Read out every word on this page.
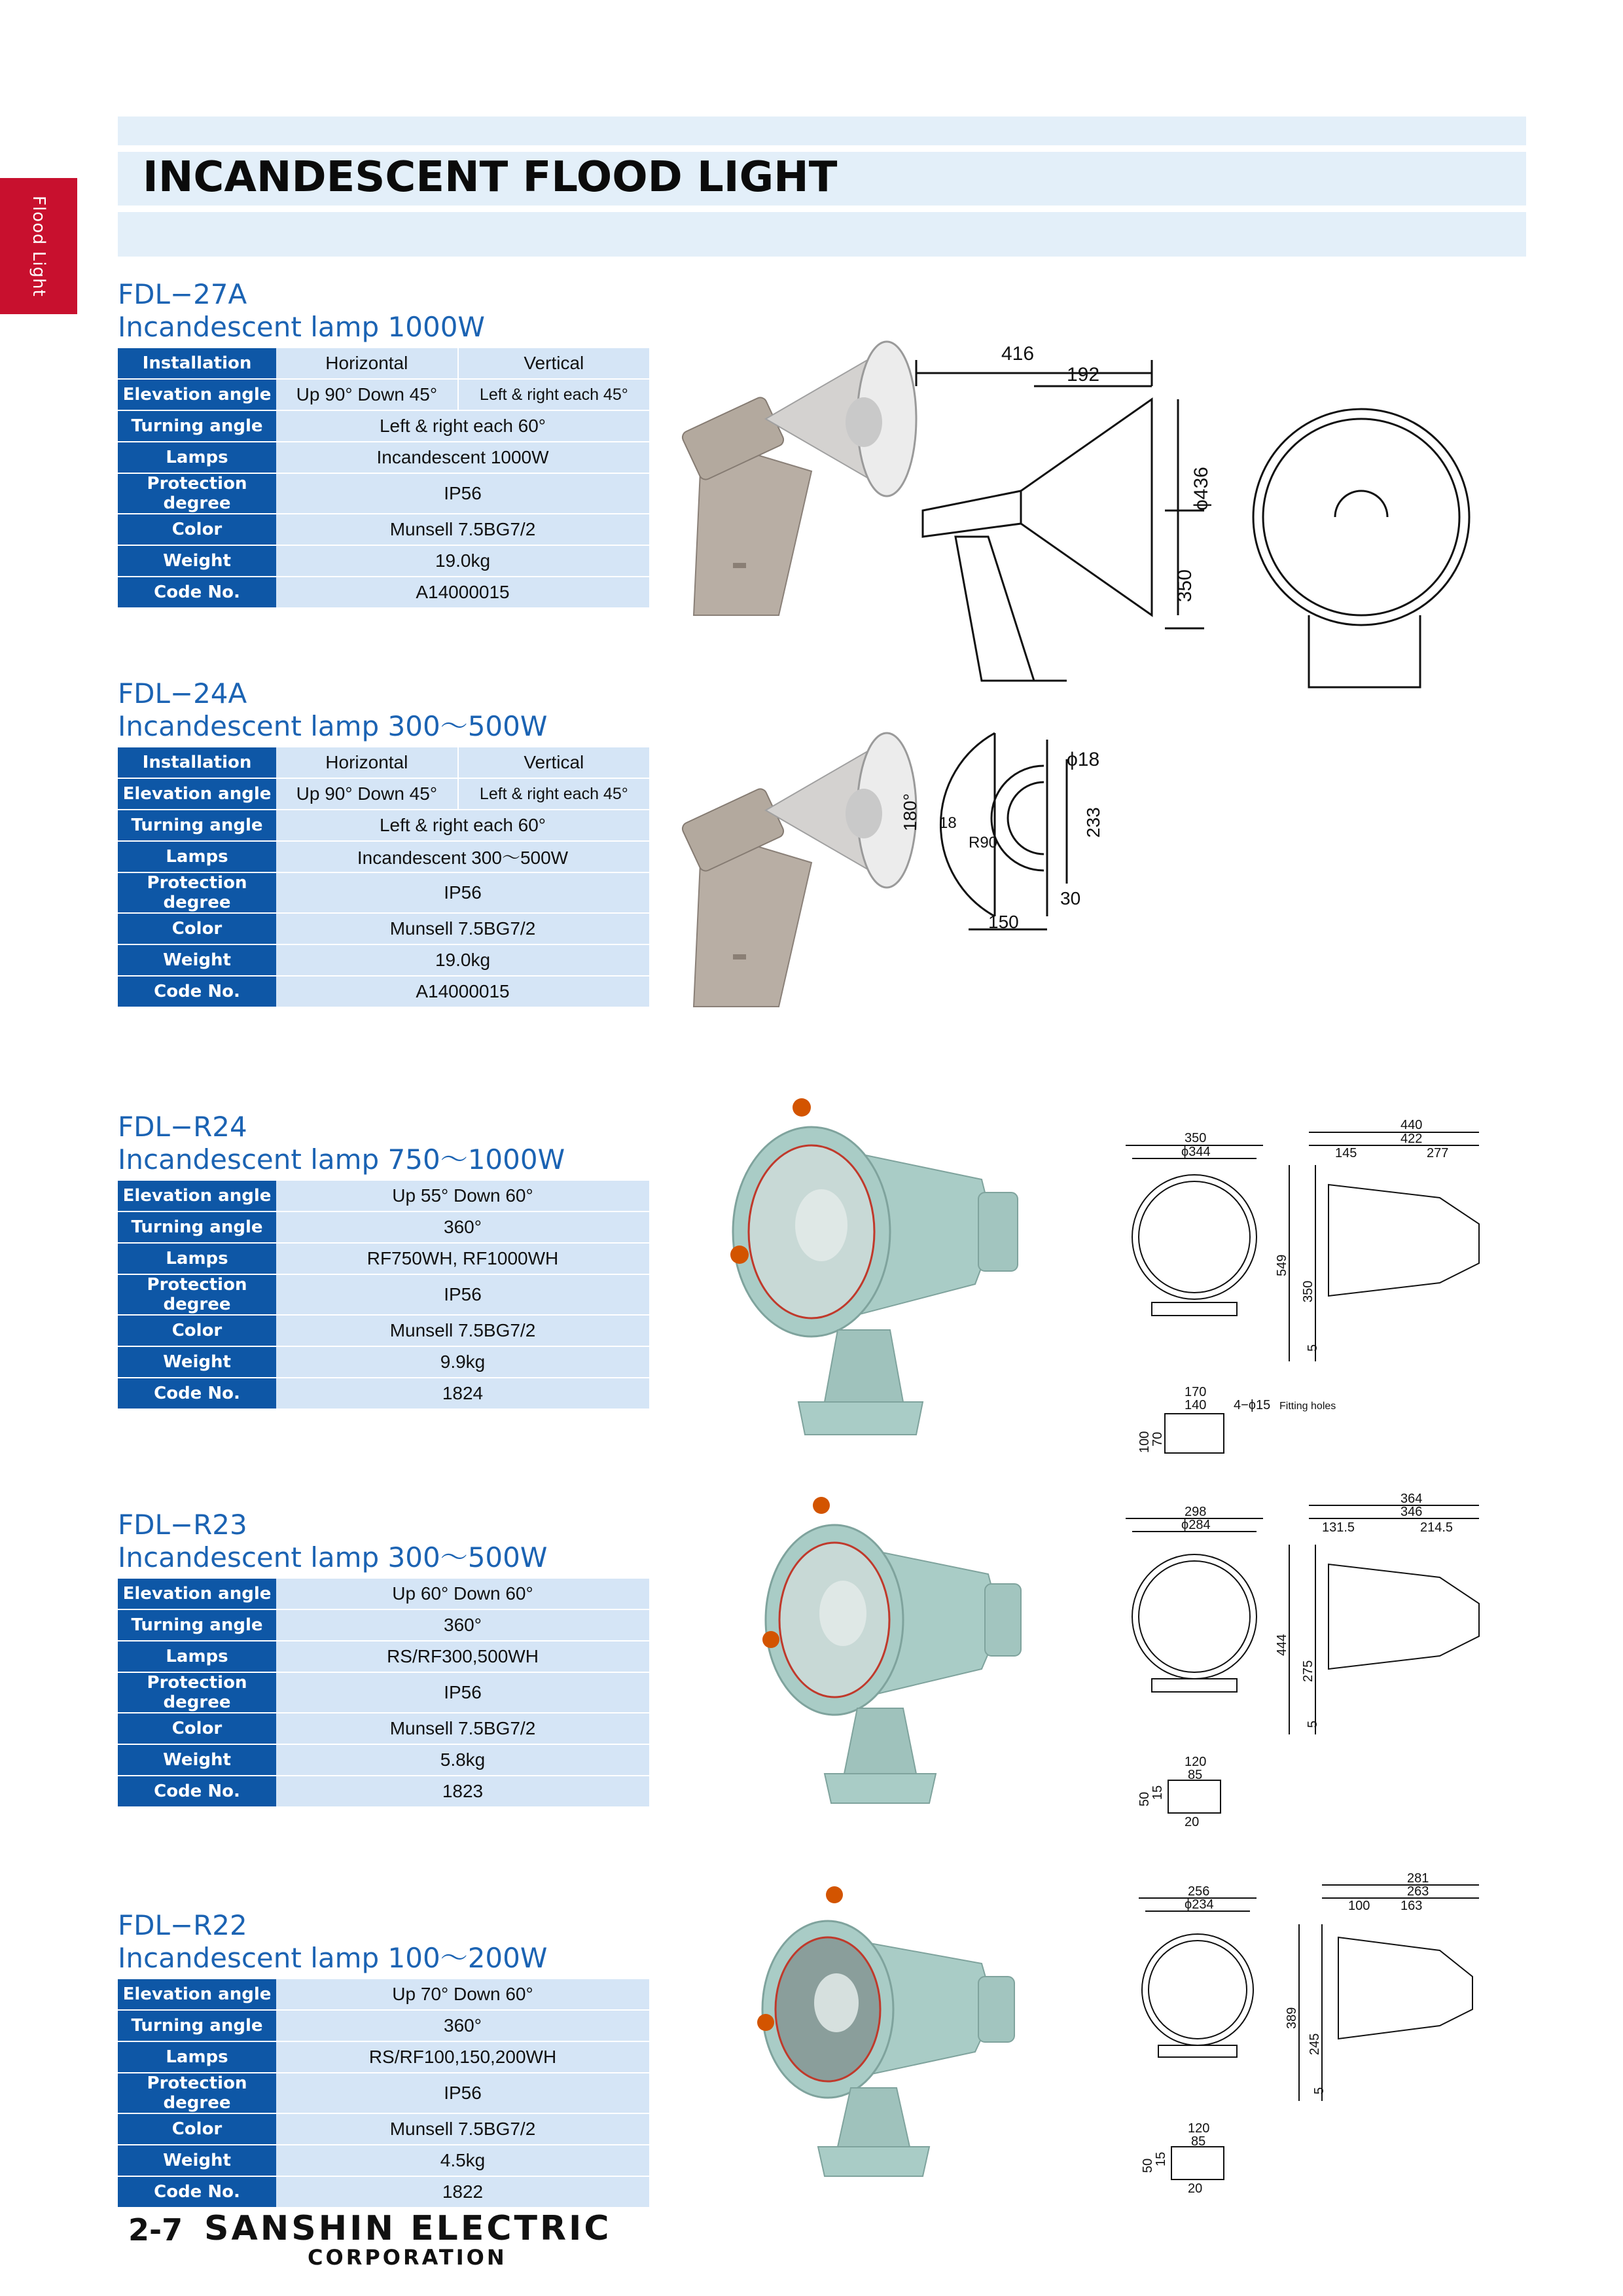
Flood Light
INCANDESCENT FLOOD LIGHT
FDL−27A
Incandescent lamp 1000W
Installation	Horizontal	Vertical
Elevation angle	Up 90° Down 45°	Left & right each 45°
Turning angle	Left & right each 60°	
Lamps	Incandescent 1000W	
Protection degree	IP56	
Color	Munsell 7.5BG7/2	
Weight	19.0kg	
Code No.	A14000015	
FDL−24A
Incandescent lamp 300〜500W
Installation	Horizontal	Vertical
Elevation angle	Up 90° Down 45°	Left & right each 45°
Turning angle	Left & right each 60°	
Lamps	Incandescent 300〜500W	
Protection degree	IP56	
Color	Munsell 7.5BG7/2	
Weight	19.0kg	
Code No.	A14000015	
FDL−R24
Incandescent lamp 750〜1000W
Elevation angle	Up 55° Down 60°
Turning angle	360°
Lamps	RF750WH, RF1000WH
Protection degree	IP56
Color	Munsell 7.5BG7/2
Weight	9.9kg
Code No.	1824
FDL−R23
Incandescent lamp 300〜500W
Elevation angle	Up 60° Down 60°
Turning angle	360°
Lamps	RS/RF300,500WH
Protection degree	IP56
Color	Munsell 7.5BG7/2
Weight	5.8kg
Code No.	1823
FDL−R22
Incandescent lamp 100〜200W
Elevation angle	Up 70° Down 60°
Turning angle	360°
Lamps	RS/RF100,150,200WH
Protection degree	IP56
Color	Munsell 7.5BG7/2
Weight	4.5kg
Code No.	1822
416
192
ϕ436
350
ϕ18
180° 18
R90
233
30
150
350
ϕ344
440
422
145	277
549
350
5
170
140 4−ϕ15 Fitting holes
100
70
298
ϕ284
364
346
131.5	214.5
444
275
5
120
85
50
15
20
256
ϕ234
281
263
100 163
389
245
5
120
85
50
15
20
2-7 SANSHIN ELECTRIC
CORPORATION
